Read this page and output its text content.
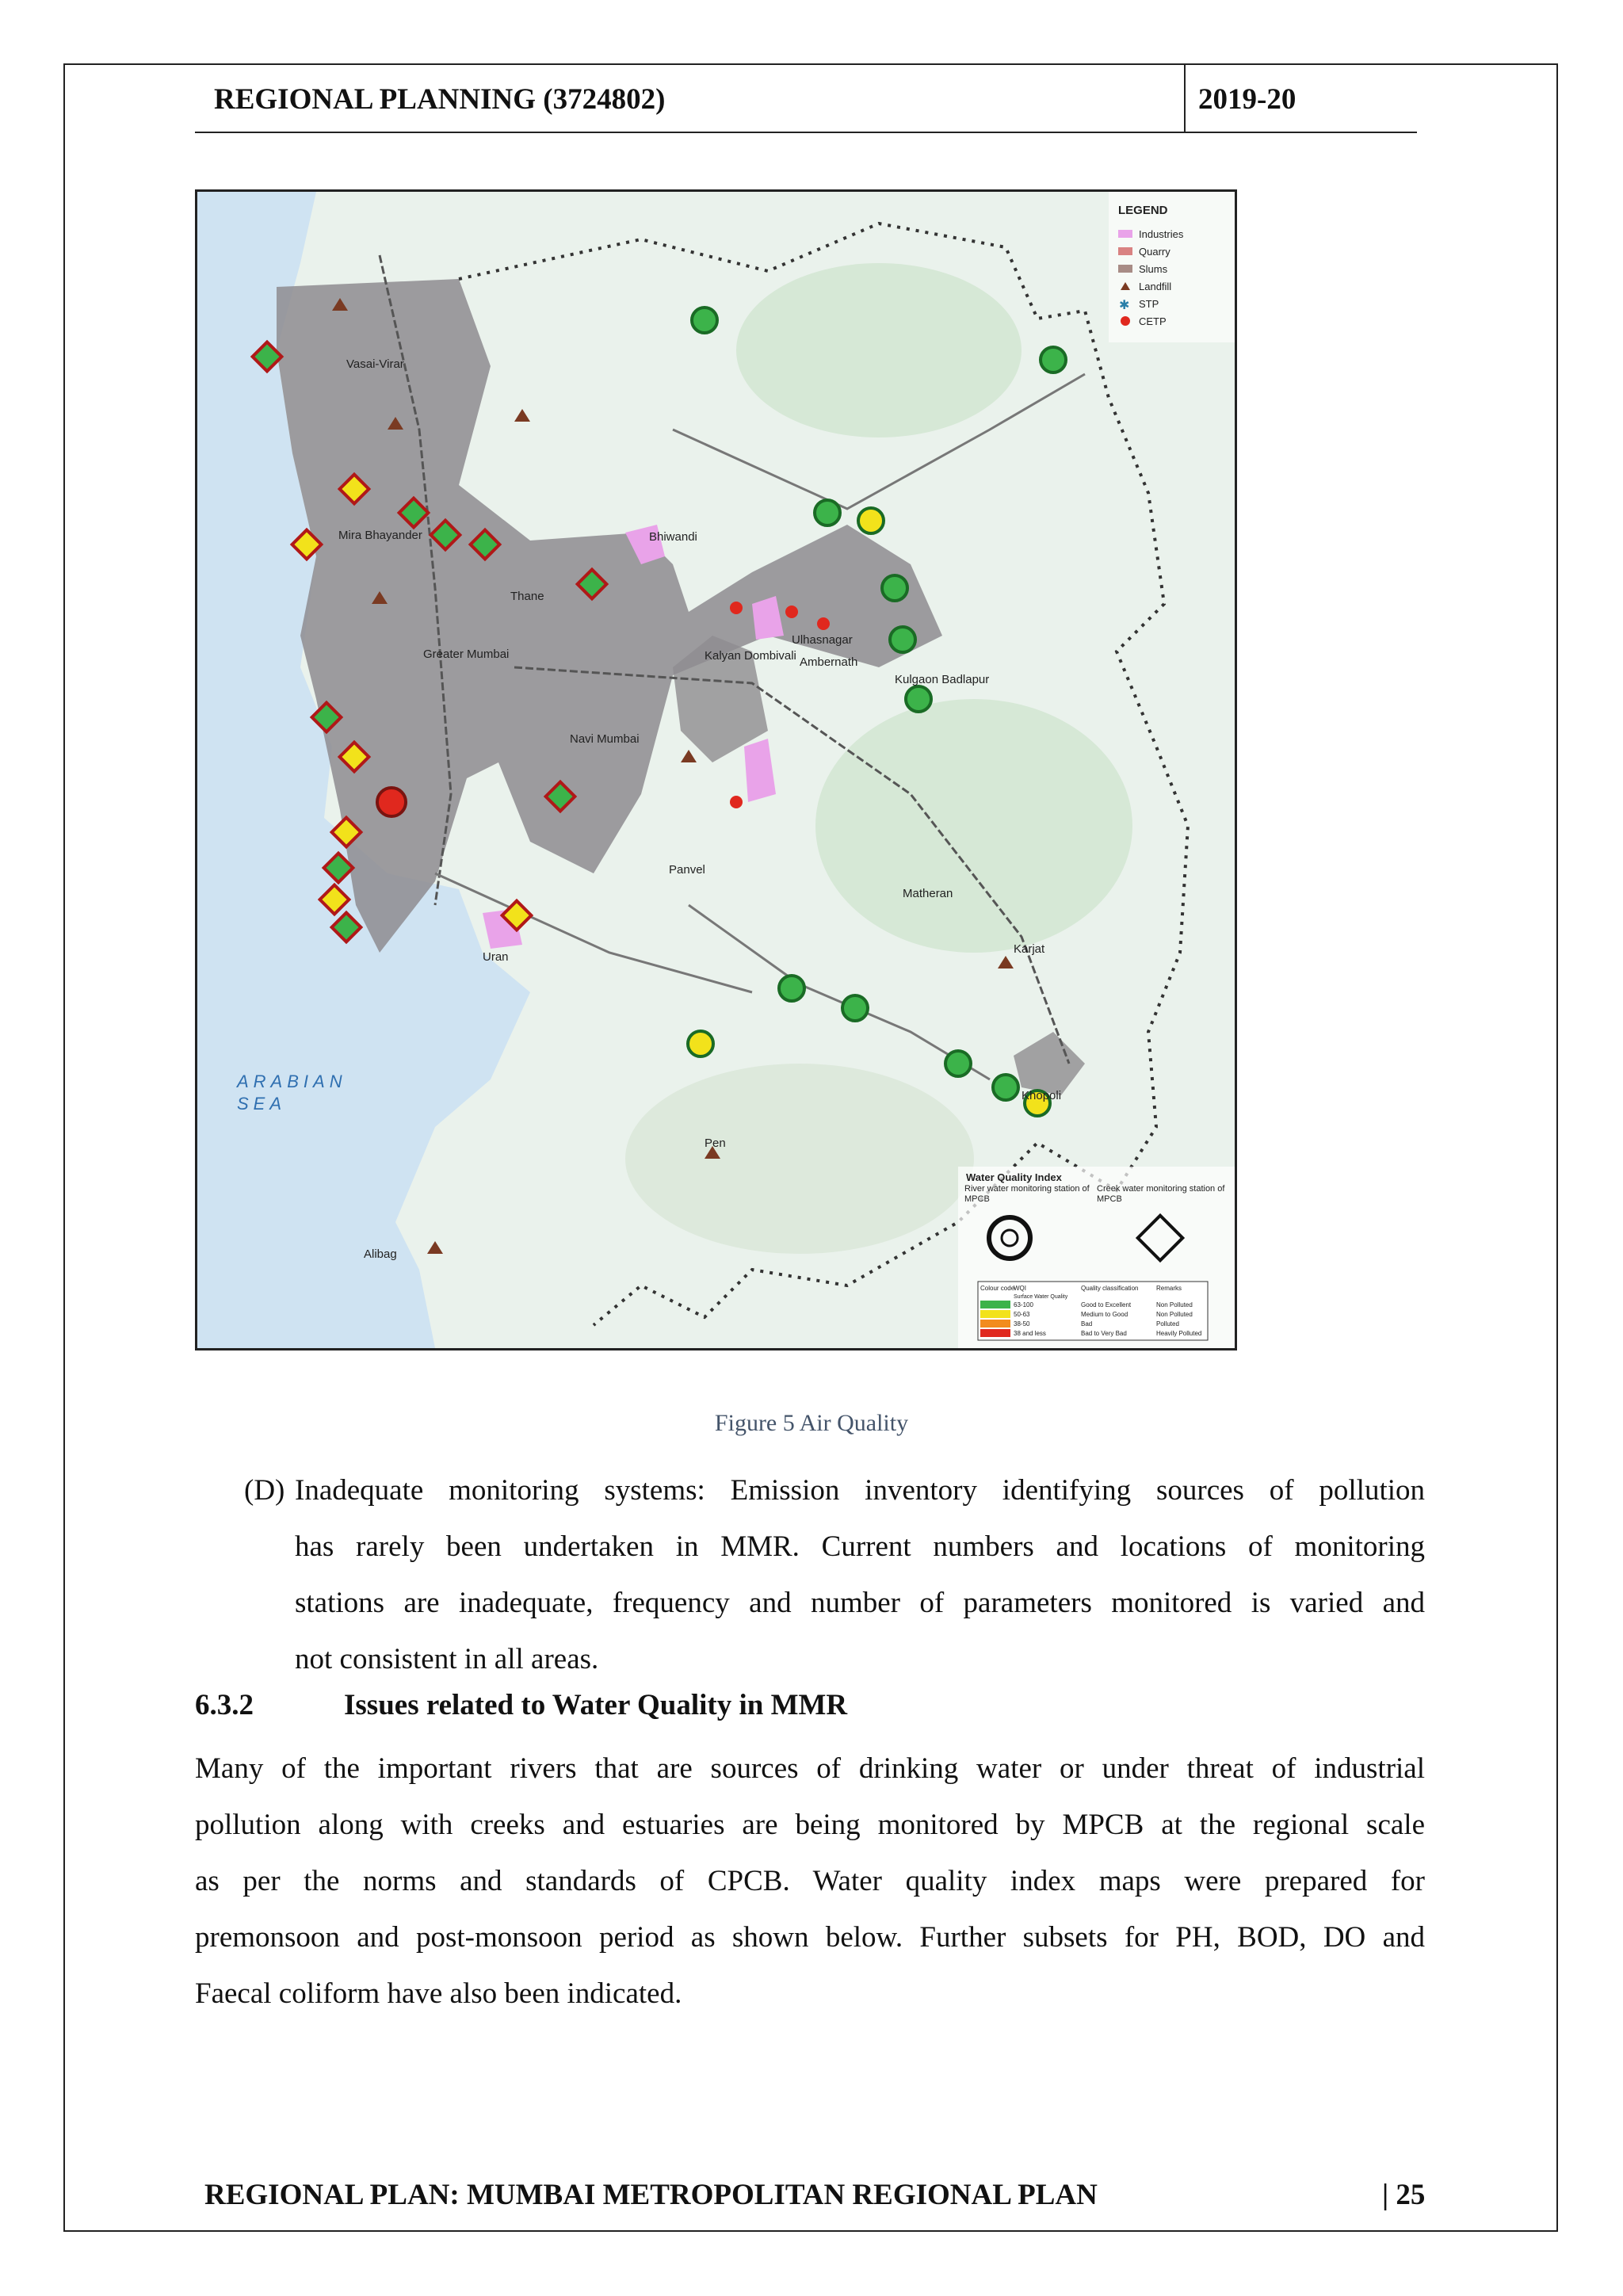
REGIONAL PLANNING (3724802)	2019-20
Vasai-Virar
Mira Bhayander	Bhiwandi
Thane
Greater Mumbai	Kalyan Dombivali
Ulhasnagar
Ambernath
Kulgaon Badlapur
Navi Mumbai
Panvel
Matheran
Karjat
Uran
Pen
Alibag
Khopoli
ARABIAN
SEA
LEGEND
Industries
Quarry
Slums
Landfill
✱ STP
CETP
Water Quality Index
River water monitoring station of MPCB
Creek water monitoring station of MPCB
Colour code
WQI	Quality classification	Remarks
Surface Water Quality
63-100	Good to Excellent	Non Polluted
50-63	Medium to Good	Non Polluted
38-50	Bad	Polluted
38 and less	Bad to Very Bad	Heavily Polluted
Figure 5 Air Quality
(D) Inadequate monitoring systems: Emission inventory identifying sources of pollution
has rarely been undertaken in MMR. Current numbers and locations of monitoring
stations are inadequate, frequency and number of parameters monitored is varied and
not consistent in all areas.
6.3.2	Issues related to Water Quality in MMR
Many of the important rivers that are sources of drinking water or under threat of industrial
pollution along with creeks and estuaries are being monitored by MPCB at the regional scale
as per the norms and standards of CPCB. Water quality index maps were prepared for
premonsoon and post-monsoon period as shown below. Further subsets for PH, BOD, DO and
Faecal coliform have also been indicated.
REGIONAL PLAN: MUMBAI METROPOLITAN REGIONAL PLAN	| 25
